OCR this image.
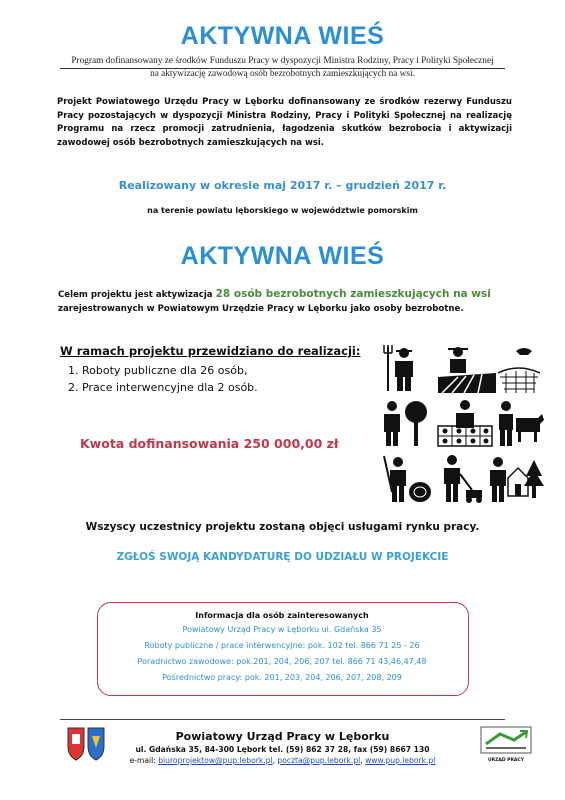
AKTYWNA WIEŚ
Program dofinansowany ze środków Funduszu Pracy w dyspozycji Ministra Rodziny, Pracy i Polityki Społecznej
na aktywizację zawodową osób bezrobotnych zamieszkujących na wsi.
Projekt Powiatowego Urzędu Pracy w Lęborku dofinansowany ze środków rezerwy Funduszu Pracy pozostających w dyspozycji Ministra Rodziny, Pracy i Polityki Społecznej na realizację Programu na rzecz promocji zatrudnienia, łagodzenia skutków bezrobocia i aktywizacji zawodowej osób bezrobotnych zamieszkujących na wsi.
Realizowany w okresie maj 2017 r. – grudzień 2017 r.
na terenie powiatu lęborskiego w województwie pomorskim
AKTYWNA WIEŚ
Celem projektu jest aktywizacja 28 osób bezrobotnych zamieszkujących na wsi
zarejestrowanych w Powiatowym Urzędzie Pracy w Lęborku jako osoby bezrobotne.
W ramach projektu przewidziano do realizacji:
1. Roboty publiczne dla 26 osób,
2. Prace interwencyjne dla 2 osób.
Kwota dofinansowania 250 000,00 zł
Wszyscy uczestnicy projektu zostaną objęci usługami rynku pracy.
ZGŁOŚ SWOJĄ KANDYDATURĘ DO UDZIAŁU W PROJEKCIE
Informacja dla osób zainteresowanych
Powiatowy Urząd Pracy w Lęborku ul. Gdańska 35
Roboty publiczne / prace interwencyjne: pok. 102 tel. 866 71 25 - 26
Poradnictwo zawodowe: pok.201, 204, 206, 207 tel. 866 71 43,46,47,48
Pośrednictwo pracy: pok. 201, 203, 204, 206, 207, 208, 209
Powiatowy Urząd Pracy w Lęborku
ul. Gdańska 35, 84-300 Lębork tel. (59) 862 37 28, fax (59) 8667 130
e-mail: biuroprojektow@pup.lebork.pl, poczta@pup.lebork.pl, www.pup.lebork.pl	URZĄD PRACY
